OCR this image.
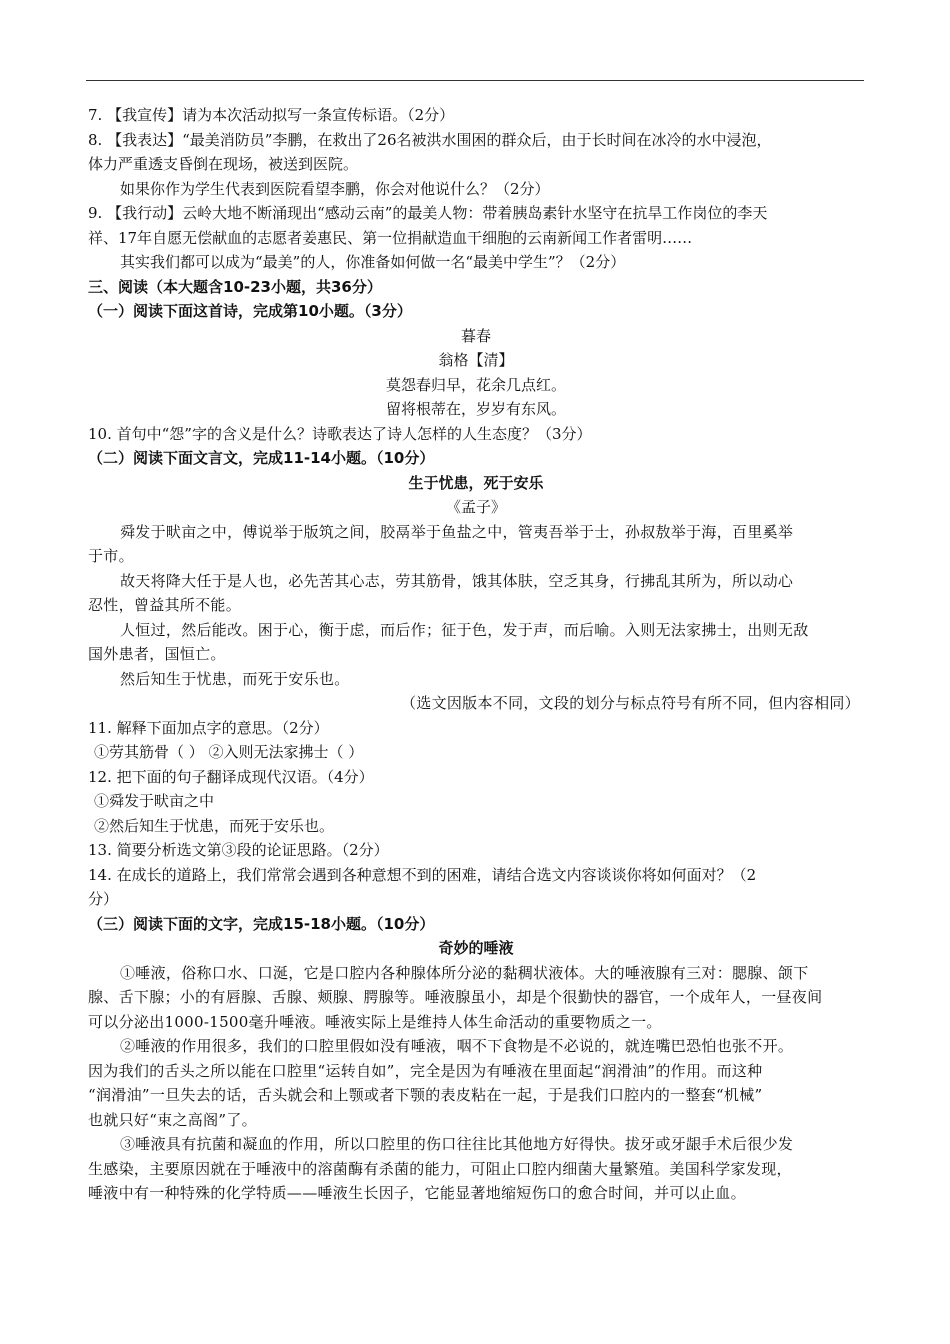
7. 【我宣传】请为本次活动拟写一条宣传标语。（2分）
8. 【我表达】“最美消防员”李鹏，在救出了26名被洪水围困的群众后，由于长时间在冰冷的水中浸泡，
体力严重透支昏倒在现场，被送到医院。
如果你作为学生代表到医院看望李鹏，你会对他说什么？（2分）
9. 【我行动】云岭大地不断涌现出“感动云南”的最美人物：带着胰岛素针水坚守在抗旱工作岗位的李天
祥、17年自愿无偿献血的志愿者姜惠民、第一位捐献造血干细胞的云南新闻工作者雷明……
其实我们都可以成为“最美”的人，你准备如何做一名“最美中学生”？（2分）
三、阅读（本大题含10-23小题，共36分）
（一）阅读下面这首诗，完成第10小题。（3分）
暮春
翁格【清】
莫怨春归早，花余几点红。
留将根蒂在，岁岁有东风。
10. 首句中“怨”字的含义是什么？诗歌表达了诗人怎样的人生态度？（3分）
（二）阅读下面文言文，完成11-14小题。（10分）
生于忧患，死于安乐
《孟子》
舜发于畎亩之中，傅说举于版筑之间，胶鬲举于鱼盐之中，管夷吾举于士，孙叔敖举于海，百里奚举
于市。
故天将降大任于是人也，必先苦其心志，劳其筋骨，饿其体肤，空乏其身，行拂乱其所为，所以动心
忍性，曾益其所不能。
人恒过，然后能改。困于心，衡于虑，而后作；征于色，发于声，而后喻。入则无法家拂士，出则无敌
国外患者，国恒亡。
然后知生于忧患，而死于安乐也。
（选文因版本不同，文段的划分与标点符号有所不同，但内容相同）
11. 解释下面加点字的意思。（2分）
①劳其筋骨（ ） ②入则无法家拂士（ ）
12. 把下面的句子翻译成现代汉语。（4分）
①舜发于畎亩之中
②然后知生于忧患，而死于安乐也。
13. 简要分析选文第③段的论证思路。（2分）
14. 在成长的道路上，我们常常会遇到各种意想不到的困难，请结合选文内容谈谈你将如何面对？（2
分）
（三）阅读下面的文字，完成15-18小题。（10分）
奇妙的唾液
①唾液，俗称口水、口涎，它是口腔内各种腺体所分泌的黏稠状液体。大的唾液腺有三对：腮腺、颌下
腺、舌下腺；小的有唇腺、舌腺、颊腺、腭腺等。唾液腺虽小，却是个很勤快的器官，一个成年人，一昼夜间
可以分泌出1000-1500毫升唾液。唾液实际上是维持人体生命活动的重要物质之一。
②唾液的作用很多，我们的口腔里假如没有唾液，咽不下食物是不必说的，就连嘴巴恐怕也张不开。
因为我们的舌头之所以能在口腔里“运转自如”，完全是因为有唾液在里面起“润滑油”的作用。而这种
“润滑油”一旦失去的话，舌头就会和上颚或者下颚的表皮粘在一起，于是我们口腔内的一整套“机械”
也就只好“束之高阁”了。
③唾液具有抗菌和凝血的作用，所以口腔里的伤口往往比其他地方好得快。拔牙或牙龈手术后很少发
生感染，主要原因就在于唾液中的溶菌酶有杀菌的能力，可阻止口腔内细菌大量繁殖。美国科学家发现，
唾液中有一种特殊的化学特质——唾液生长因子，它能显著地缩短伤口的愈合时间，并可以止血。
